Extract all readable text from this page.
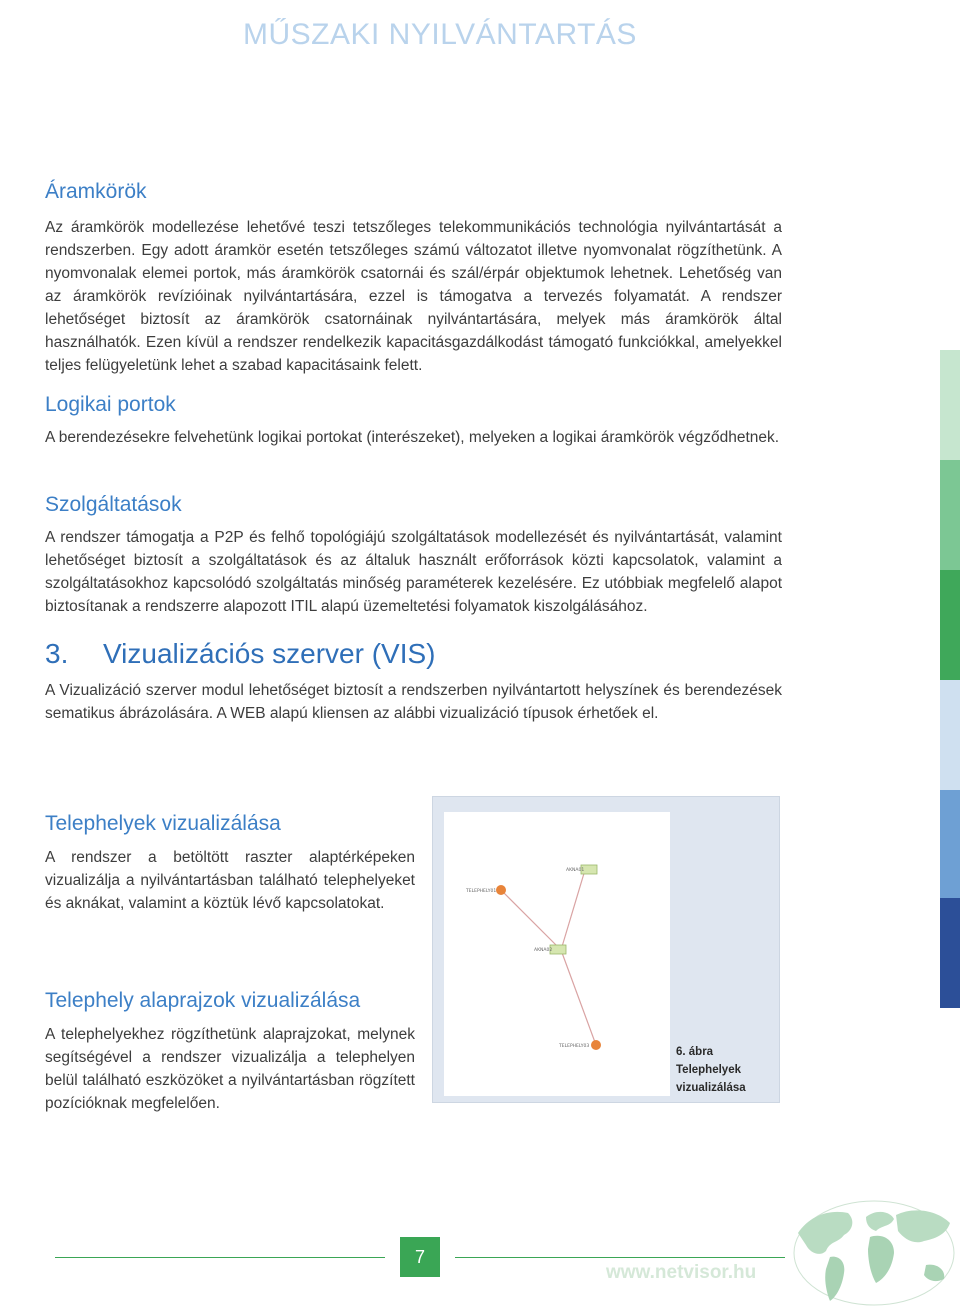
MŰSZAKI NYILVÁNTARTÁS
Áramkörök

Az áramkörök modellezése lehetővé teszi tetszőleges telekommunikációs technológia nyilvántartását a rendszerben. Egy adott áramkör esetén tetszőleges számú változatot illetve nyomvonalat rögzíthetünk. A nyomvonalak elemei portok, más áramkörök csatornái és szál/érpár objektumok lehetnek. Lehetőség van az áramkörök revízióinak nyilvántartására, ezzel is támogatva a tervezés folyamatát. A rendszer lehetőséget biztosít az áramkörök csatornáinak nyilvántartására, melyek más áramkörök által használhatók. Ezen kívül a rendszer rendelkezik kapacitásgazdálkodást támogató funkciókkal, amelyekkel teljes felügyeletünk lehet a szabad kapacitásaink felett.

Logikai portok

A berendezésekre felvehetünk logikai portokat (interészeket), melyeken a logikai áramkörök végződhetnek.

Szolgáltatások

A rendszer támogatja a P2P és felhő topológiájú szolgáltatások modellezését és nyilvántartását, valamint lehetőséget biztosít a szolgáltatások és az általuk használt erőforrások közti kapcsolatok, valamint a szolgáltatásokhoz kapcsolódó szolgáltatás minőség paraméterek kezelésére. Ez utóbbiak megfelelő alapot biztosítanak a rendszerre alapozott ITIL alapú üzemeltetési folyamatok kiszolgálásához.

3. Vizualizációs szerver (VIS)

A Vizualizáció szerver modul lehetőséget biztosít a rendszerben nyilvántartott helyszínek és berendezések sematikus ábrázolására. A WEB alapú kliensen az alábbi vizualizáció típusok érhetőek el.

Telephelyek vizualizálása

A rendszer a betöltött raszter alaptérképeken vizualizálja a nyilvántartásban található telephelyeket és aknákat, valamint a köztük lévő kapcsolatokat.

Telephely alaprajzok vizualizálása

A telephelyekhez rögzíthetünk alaprajzokat, melynek segítségével a rendszer vizualizálja a telephelyen belül található eszközöket a nyilvántartásban rögzített pozícióknak megfelelően.

TELEPHELY01
AKNA01
AKNA02
TELEPHELY03	6. ábra Telephelyek
vizualizálása
7
www.netvisor.hu
